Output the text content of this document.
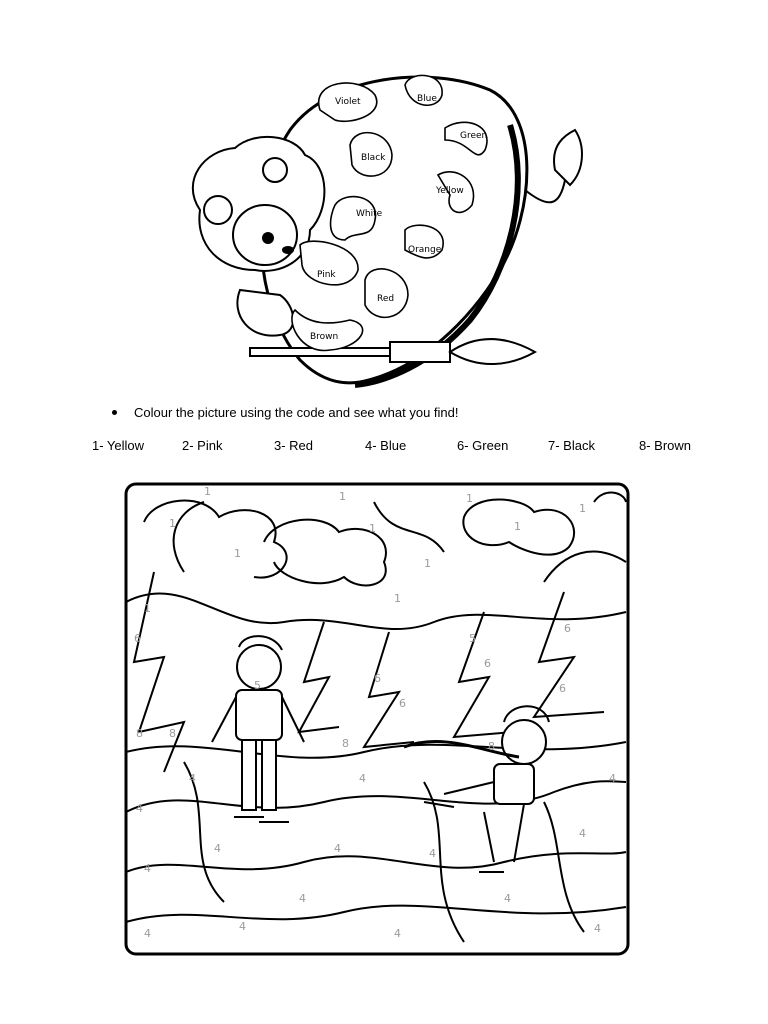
Violet	Blue
Green
Black
Yellow
White
Orange
Pink
Red
Brown
Colour the picture using the code and see what you find!
1- Yellow	2- Pink	3- Red	4- Blue	6- Green	7- Black	8- Brown
1	1	1
1
1	1	1
1
1
1
1
5
6
6
6
6
6
6
8 8
8	8
5
4
4	4	4
4
4	4	4
4
4	4
4
4
4	4
